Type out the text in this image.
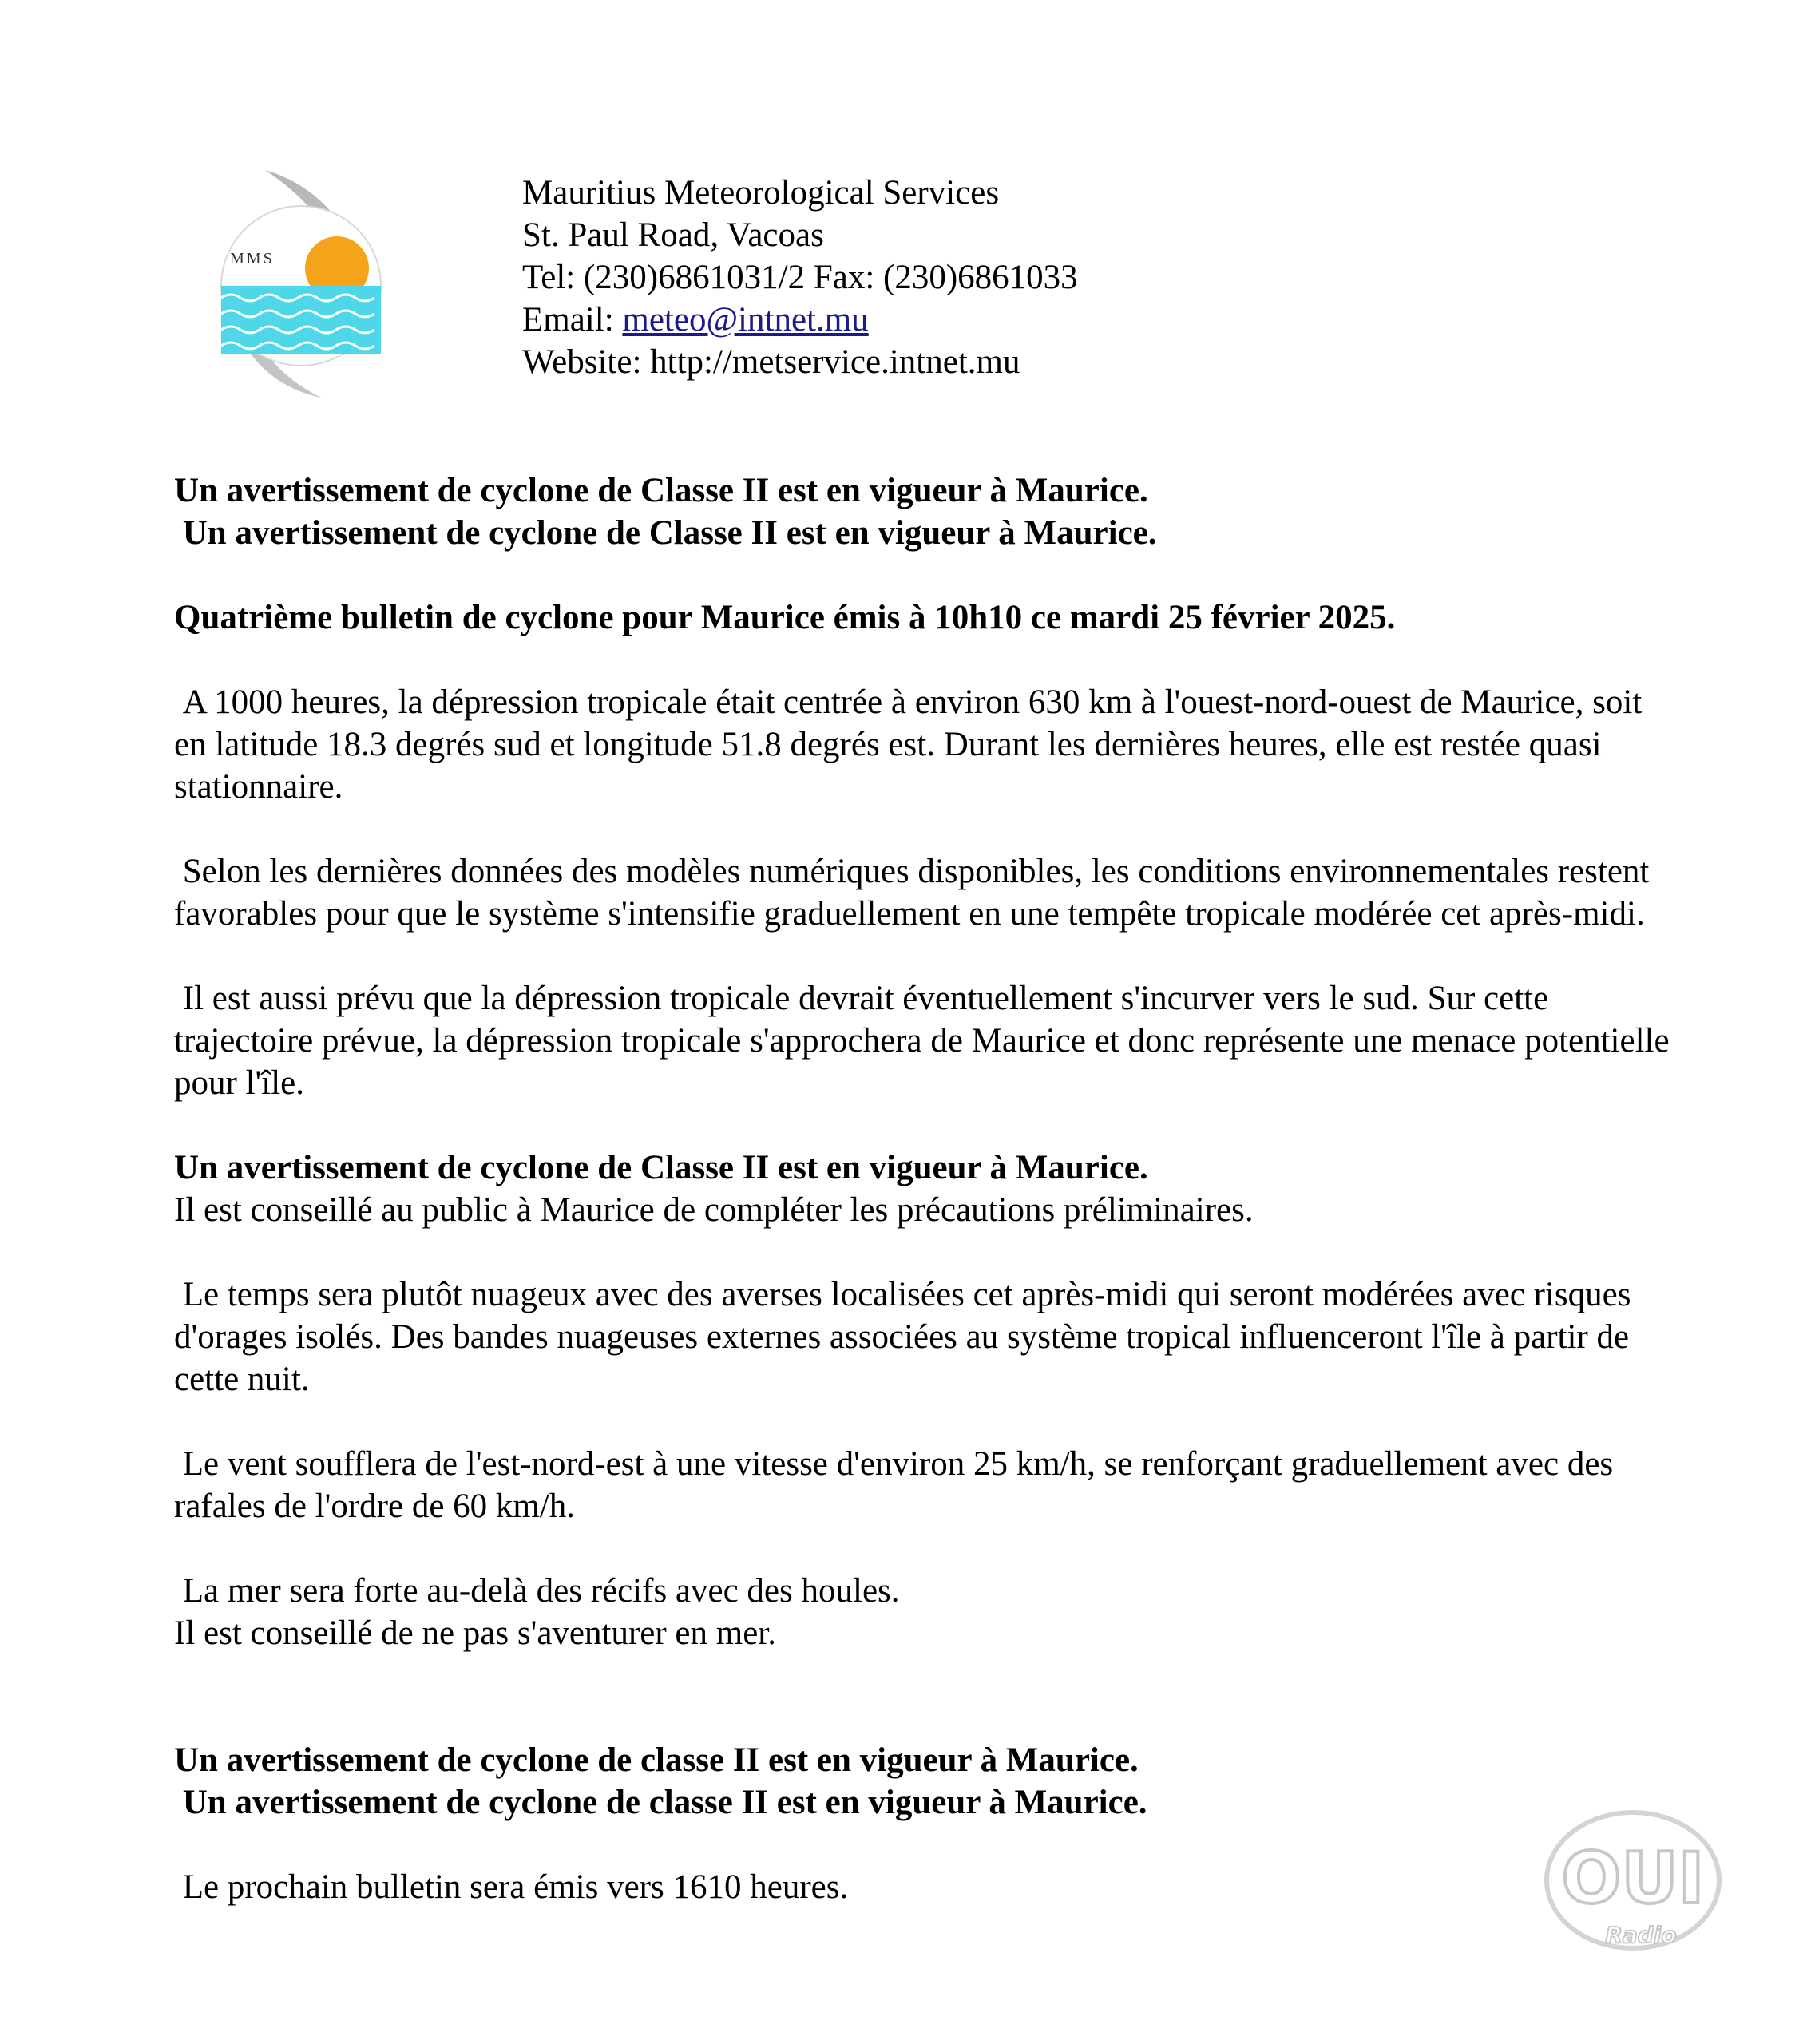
MMS
Mauritius Meteorological Services
St. Paul Road, Vacoas
Tel: (230)6861031/2 Fax: (230)6861033
Email: meteo@intnet.mu
Website: http://metservice.intnet.mu

Un avertissement de cyclone de Classe II est en vigueur à Maurice.

Un avertissement de cyclone de Classe II est en vigueur à Maurice.

Quatrième bulletin de cyclone pour Maurice émis à 10h10 ce mardi 25 février 2025.

A 1000 heures, la dépression tropicale était centrée à environ 630 km à l'ouest-nord-ouest de Maurice, soit en latitude 18.3 degrés sud et longitude 51.8 degrés est. Durant les dernières heures, elle est restée quasi stationnaire.

Selon les dernières données des modèles numériques disponibles, les conditions environnementales restent favorables pour que le système s'intensifie graduellement en une tempête tropicale modérée cet après-midi.

Il est aussi prévu que la dépression tropicale devrait éventuellement s'incurver vers le sud. Sur cette trajectoire prévue, la dépression tropicale s'approchera de Maurice et donc représente une menace potentielle pour l'île.

Un avertissement de cyclone de Classe II est en vigueur à Maurice.

Il est conseillé au public à Maurice de compléter les précautions préliminaires.

Le temps sera plutôt nuageux avec des averses localisées cet après-midi qui seront modérées avec risques d'orages isolés. Des bandes nuageuses externes associées au système tropical influenceront l'île à partir de cette nuit.

Le vent soufflera de l'est-nord-est à une vitesse d'environ 25 km/h, se renforçant graduellement avec des rafales de l'ordre de 60 km/h.

La mer sera forte au-delà des récifs avec des houles.

Il est conseillé de ne pas s'aventurer en mer.

Un avertissement de cyclone de classe II est en vigueur à Maurice.

Un avertissement de cyclone de classe II est en vigueur à Maurice.

Le prochain bulletin sera émis vers 1610 heures.	OUI
Radio
